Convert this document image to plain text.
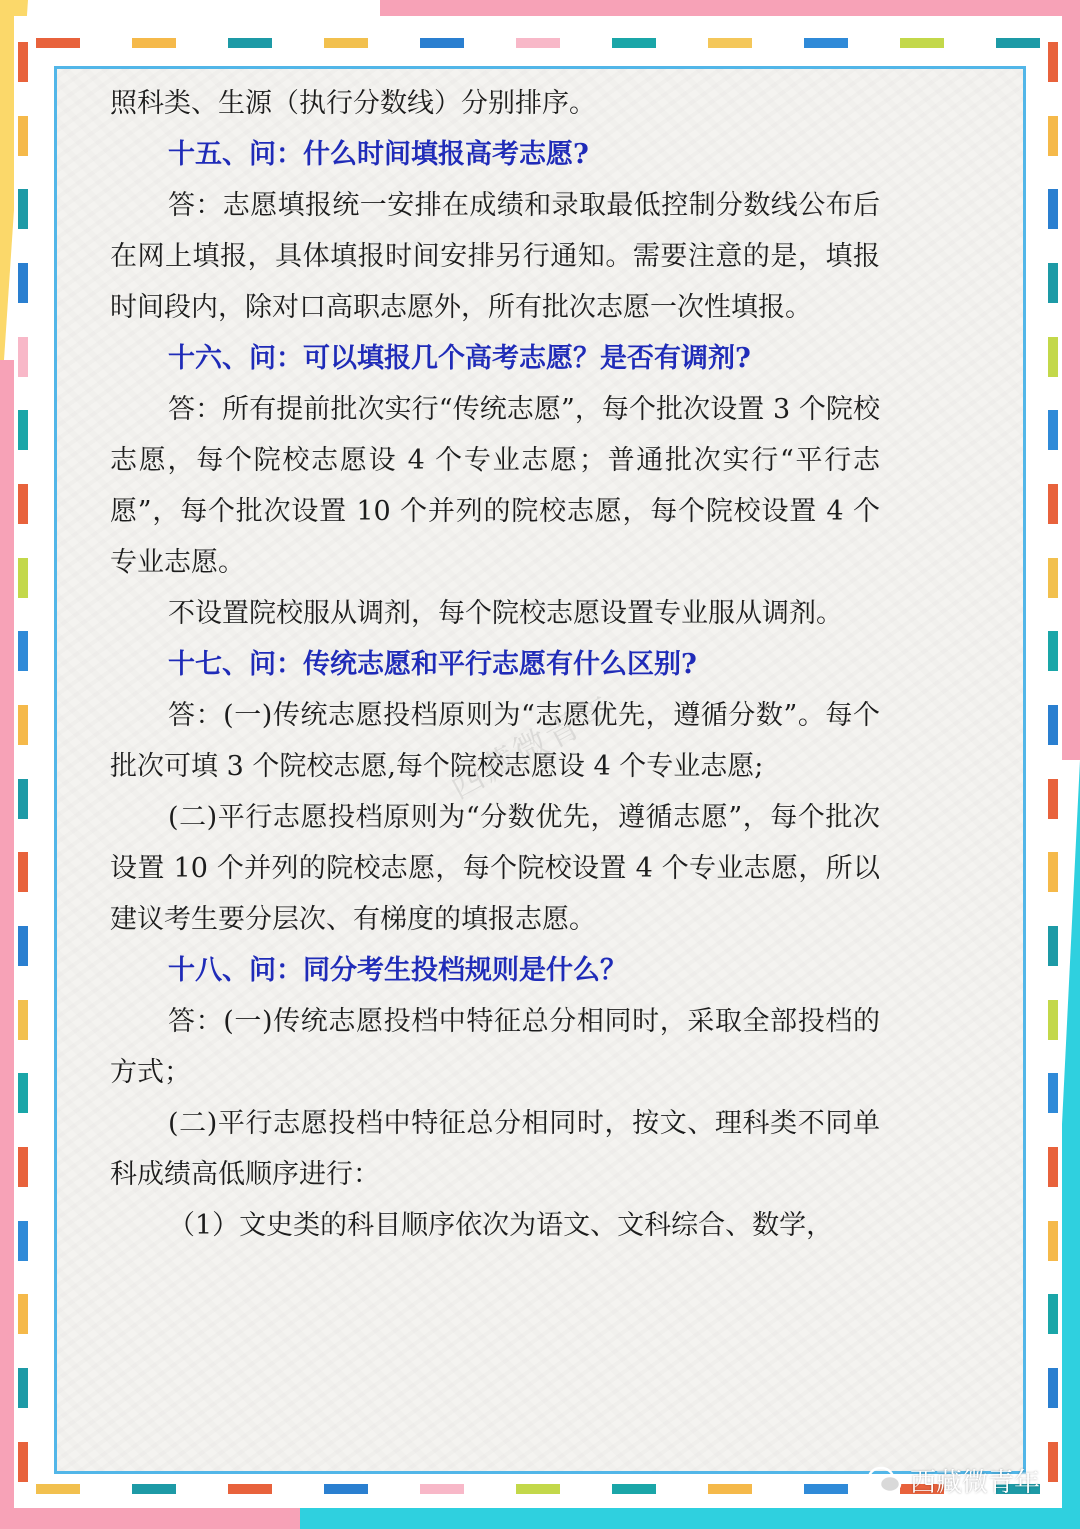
西藏微青年

照科类、生源（执行分数线）分别排序。

十五、问：什么时间填报高考志愿?

答：志愿填报统一安排在成绩和录取最低控制分数线公布后在网上填报，具体填报时间安排另行通知。需要注意的是，填报时间段内，除对口高职志愿外，所有批次志愿一次性填报。

十六、问：可以填报几个高考志愿？是否有调剂?

答：所有提前批次实行“传统志愿”，每个批次设置 3 个院校志愿，每个院校志愿设 4 个专业志愿；普通批次实行“平行志愿”，每个批次设置 10 个并列的院校志愿，每个院校设置 4 个专业志愿。

不设置院校服从调剂，每个院校志愿设置专业服从调剂。

十七、问：传统志愿和平行志愿有什么区别?

答：(一)传统志愿投档原则为“志愿优先，遵循分数”。每个批次可填 3 个院校志愿,每个院校志愿设 4 个专业志愿;

(二)平行志愿投档原则为“分数优先，遵循志愿”，每个批次设置 10 个并列的院校志愿，每个院校设置 4 个专业志愿，所以建议考生要分层次、有梯度的填报志愿。

十八、问：同分考生投档规则是什么？

答：(一)传统志愿投档中特征总分相同时，采取全部投档的方式；

(二)平行志愿投档中特征总分相同时，按文、理科类不同单科成绩高低顺序进行：

（1）文史类的科目顺序依次为语文、文科综合、数学，

西藏微青年
